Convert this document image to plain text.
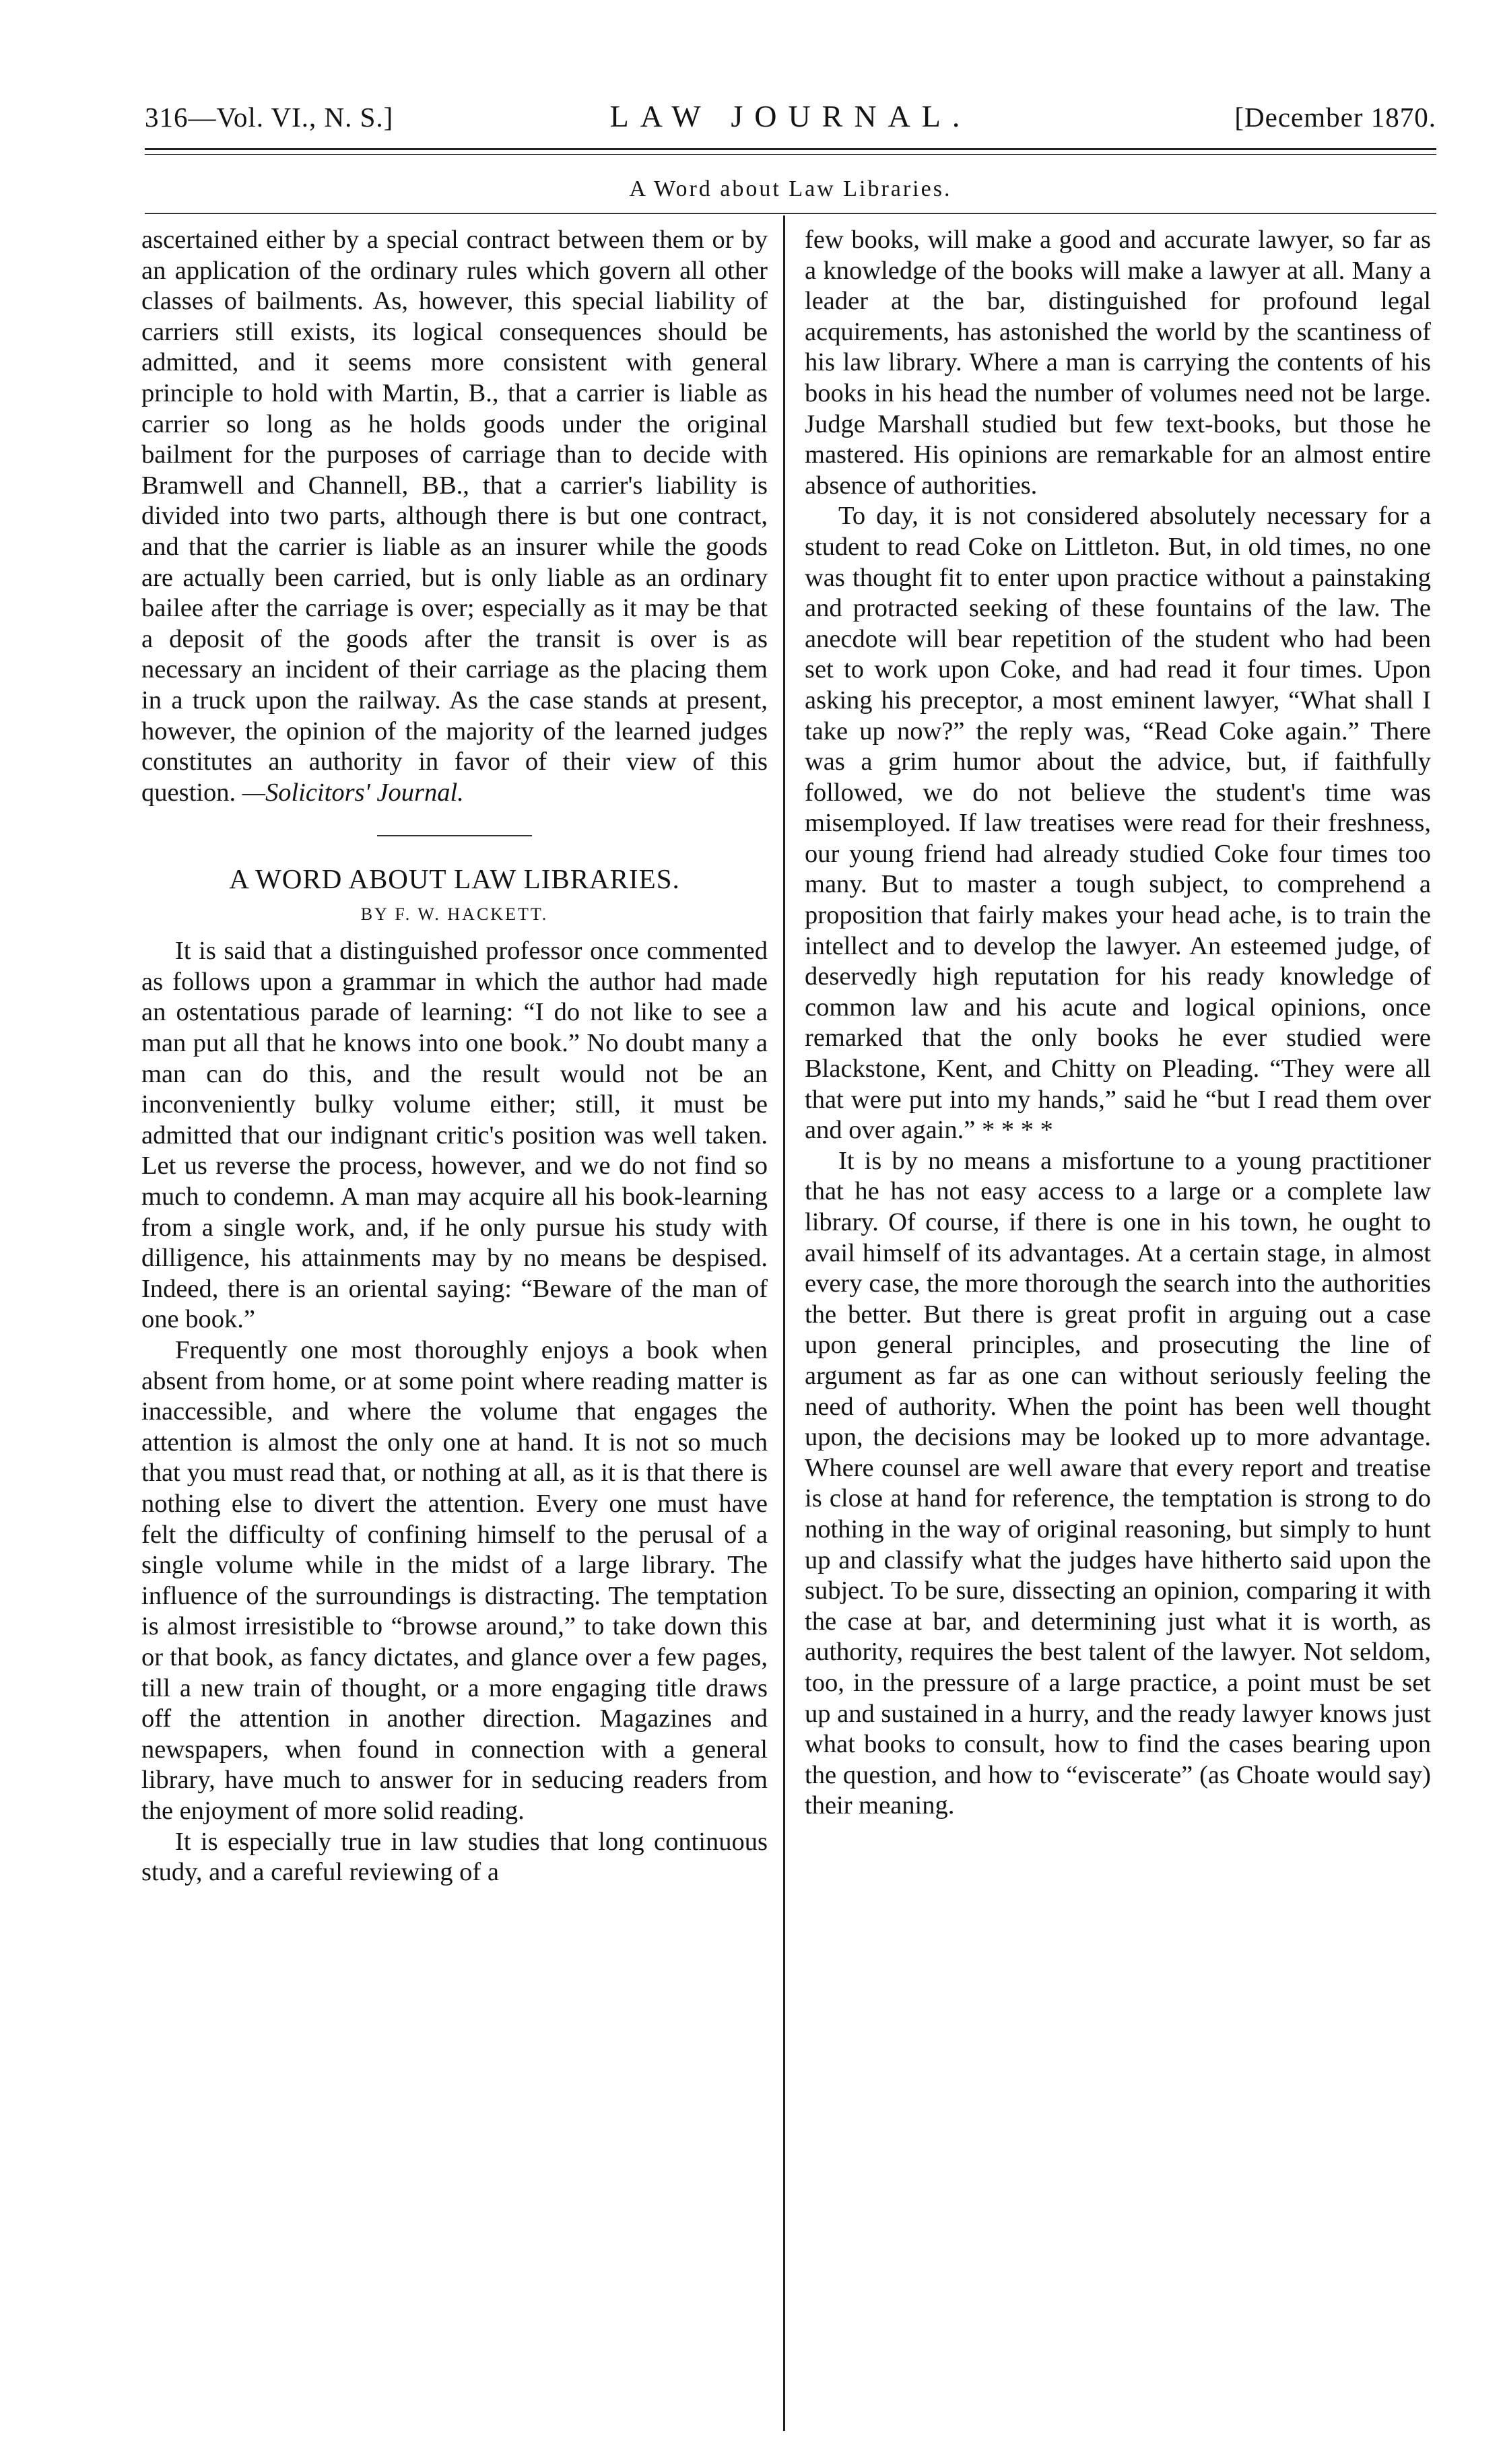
316—Vol. VI., N. S.]	LAW JOURNAL.	[December 1870.
A Word about Law Libraries.

ascertained either by a special contract between them or by an application of the ordinary rules which govern all other classes of bailments. As, however, this special liability of carriers still exists, its logical consequences should be admitted, and it seems more consistent with general principle to hold with Martin, B., that a carrier is liable as carrier so long as he holds goods under the original bailment for the purposes of carriage than to decide with Bramwell and Channell, BB., that a carrier's liability is divided into two parts, although there is but one contract, and that the carrier is liable as an insurer while the goods are actually been carried, but is only liable as an ordinary bailee after the carriage is over; especially as it may be that a deposit of the goods after the transit is over is as necessary an incident of their carriage as the placing them in a truck upon the railway. As the case stands at present, however, the opinion of the majority of the learned judges constitutes an authority in favor of their view of this question. —Solicitors' Journal.

A WORD ABOUT LAW LIBRARIES.
BY F. W. HACKETT.

It is said that a distinguished professor once commented as follows upon a grammar in which the author had made an ostentatious parade of learning: “I do not like to see a man put all that he knows into one book.” No doubt many a man can do this, and the result would not be an inconveniently bulky volume either; still, it must be admitted that our indignant critic's position was well taken. Let us reverse the process, however, and we do not find so much to condemn. A man may acquire all his book-learning from a single work, and, if he only pursue his study with dilligence, his attainments may by no means be despised. Indeed, there is an oriental saying: “Beware of the man of one book.”

Frequently one most thoroughly enjoys a book when absent from home, or at some point where reading matter is inaccessible, and where the volume that engages the attention is almost the only one at hand. It is not so much that you must read that, or nothing at all, as it is that there is nothing else to divert the attention. Every one must have felt the difficulty of confining himself to the perusal of a single volume while in the midst of a large library. The influence of the surroundings is distracting. The temptation is almost irresistible to “browse around,” to take down this or that book, as fancy dictates, and glance over a few pages, till a new train of thought, or a more engaging title draws off the attention in another direction. Magazines and newspapers, when found in connection with a general library, have much to answer for in seducing readers from the enjoyment of more solid reading.

It is especially true in law studies that long continuous study, and a careful reviewing of a

few books, will make a good and accurate lawyer, so far as a knowledge of the books will make a lawyer at all. Many a leader at the bar, distinguished for profound legal acquirements, has astonished the world by the scantiness of his law library. Where a man is carrying the contents of his books in his head the number of volumes need not be large. Judge Marshall studied but few text-books, but those he mastered. His opinions are remarkable for an almost entire absence of authorities.

To day, it is not considered absolutely necessary for a student to read Coke on Littleton. But, in old times, no one was thought fit to enter upon practice without a painstaking and protracted seeking of these fountains of the law. The anecdote will bear repetition of the student who had been set to work upon Coke, and had read it four times. Upon asking his preceptor, a most eminent lawyer, “What shall I take up now?” the reply was, “Read Coke again.” There was a grim humor about the advice, but, if faithfully followed, we do not believe the student's time was misemployed. If law treatises were read for their freshness, our young friend had already studied Coke four times too many. But to master a tough subject, to comprehend a proposition that fairly makes your head ache, is to train the intellect and to develop the lawyer. An esteemed judge, of deservedly high reputation for his ready knowledge of common law and his acute and logical opinions, once remarked that the only books he ever studied were Blackstone, Kent, and Chitty on Pleading. “They were all that were put into my hands,” said he “but I read them over and over again.” * * * *

It is by no means a misfortune to a young practitioner that he has not easy access to a large or a complete law library. Of course, if there is one in his town, he ought to avail himself of its advantages. At a certain stage, in almost every case, the more thorough the search into the authorities the better. But there is great profit in arguing out a case upon general principles, and prosecuting the line of argument as far as one can without seriously feeling the need of authority. When the point has been well thought upon, the decisions may be looked up to more advantage. Where counsel are well aware that every report and treatise is close at hand for reference, the temptation is strong to do nothing in the way of original reasoning, but simply to hunt up and classify what the judges have hitherto said upon the subject. To be sure, dissecting an opinion, comparing it with the case at bar, and determining just what it is worth, as authority, requires the best talent of the lawyer. Not seldom, too, in the pressure of a large practice, a point must be set up and sustained in a hurry, and the ready lawyer knows just what books to consult, how to find the cases bearing upon the question, and how to “eviscerate” (as Choate would say) their meaning.
